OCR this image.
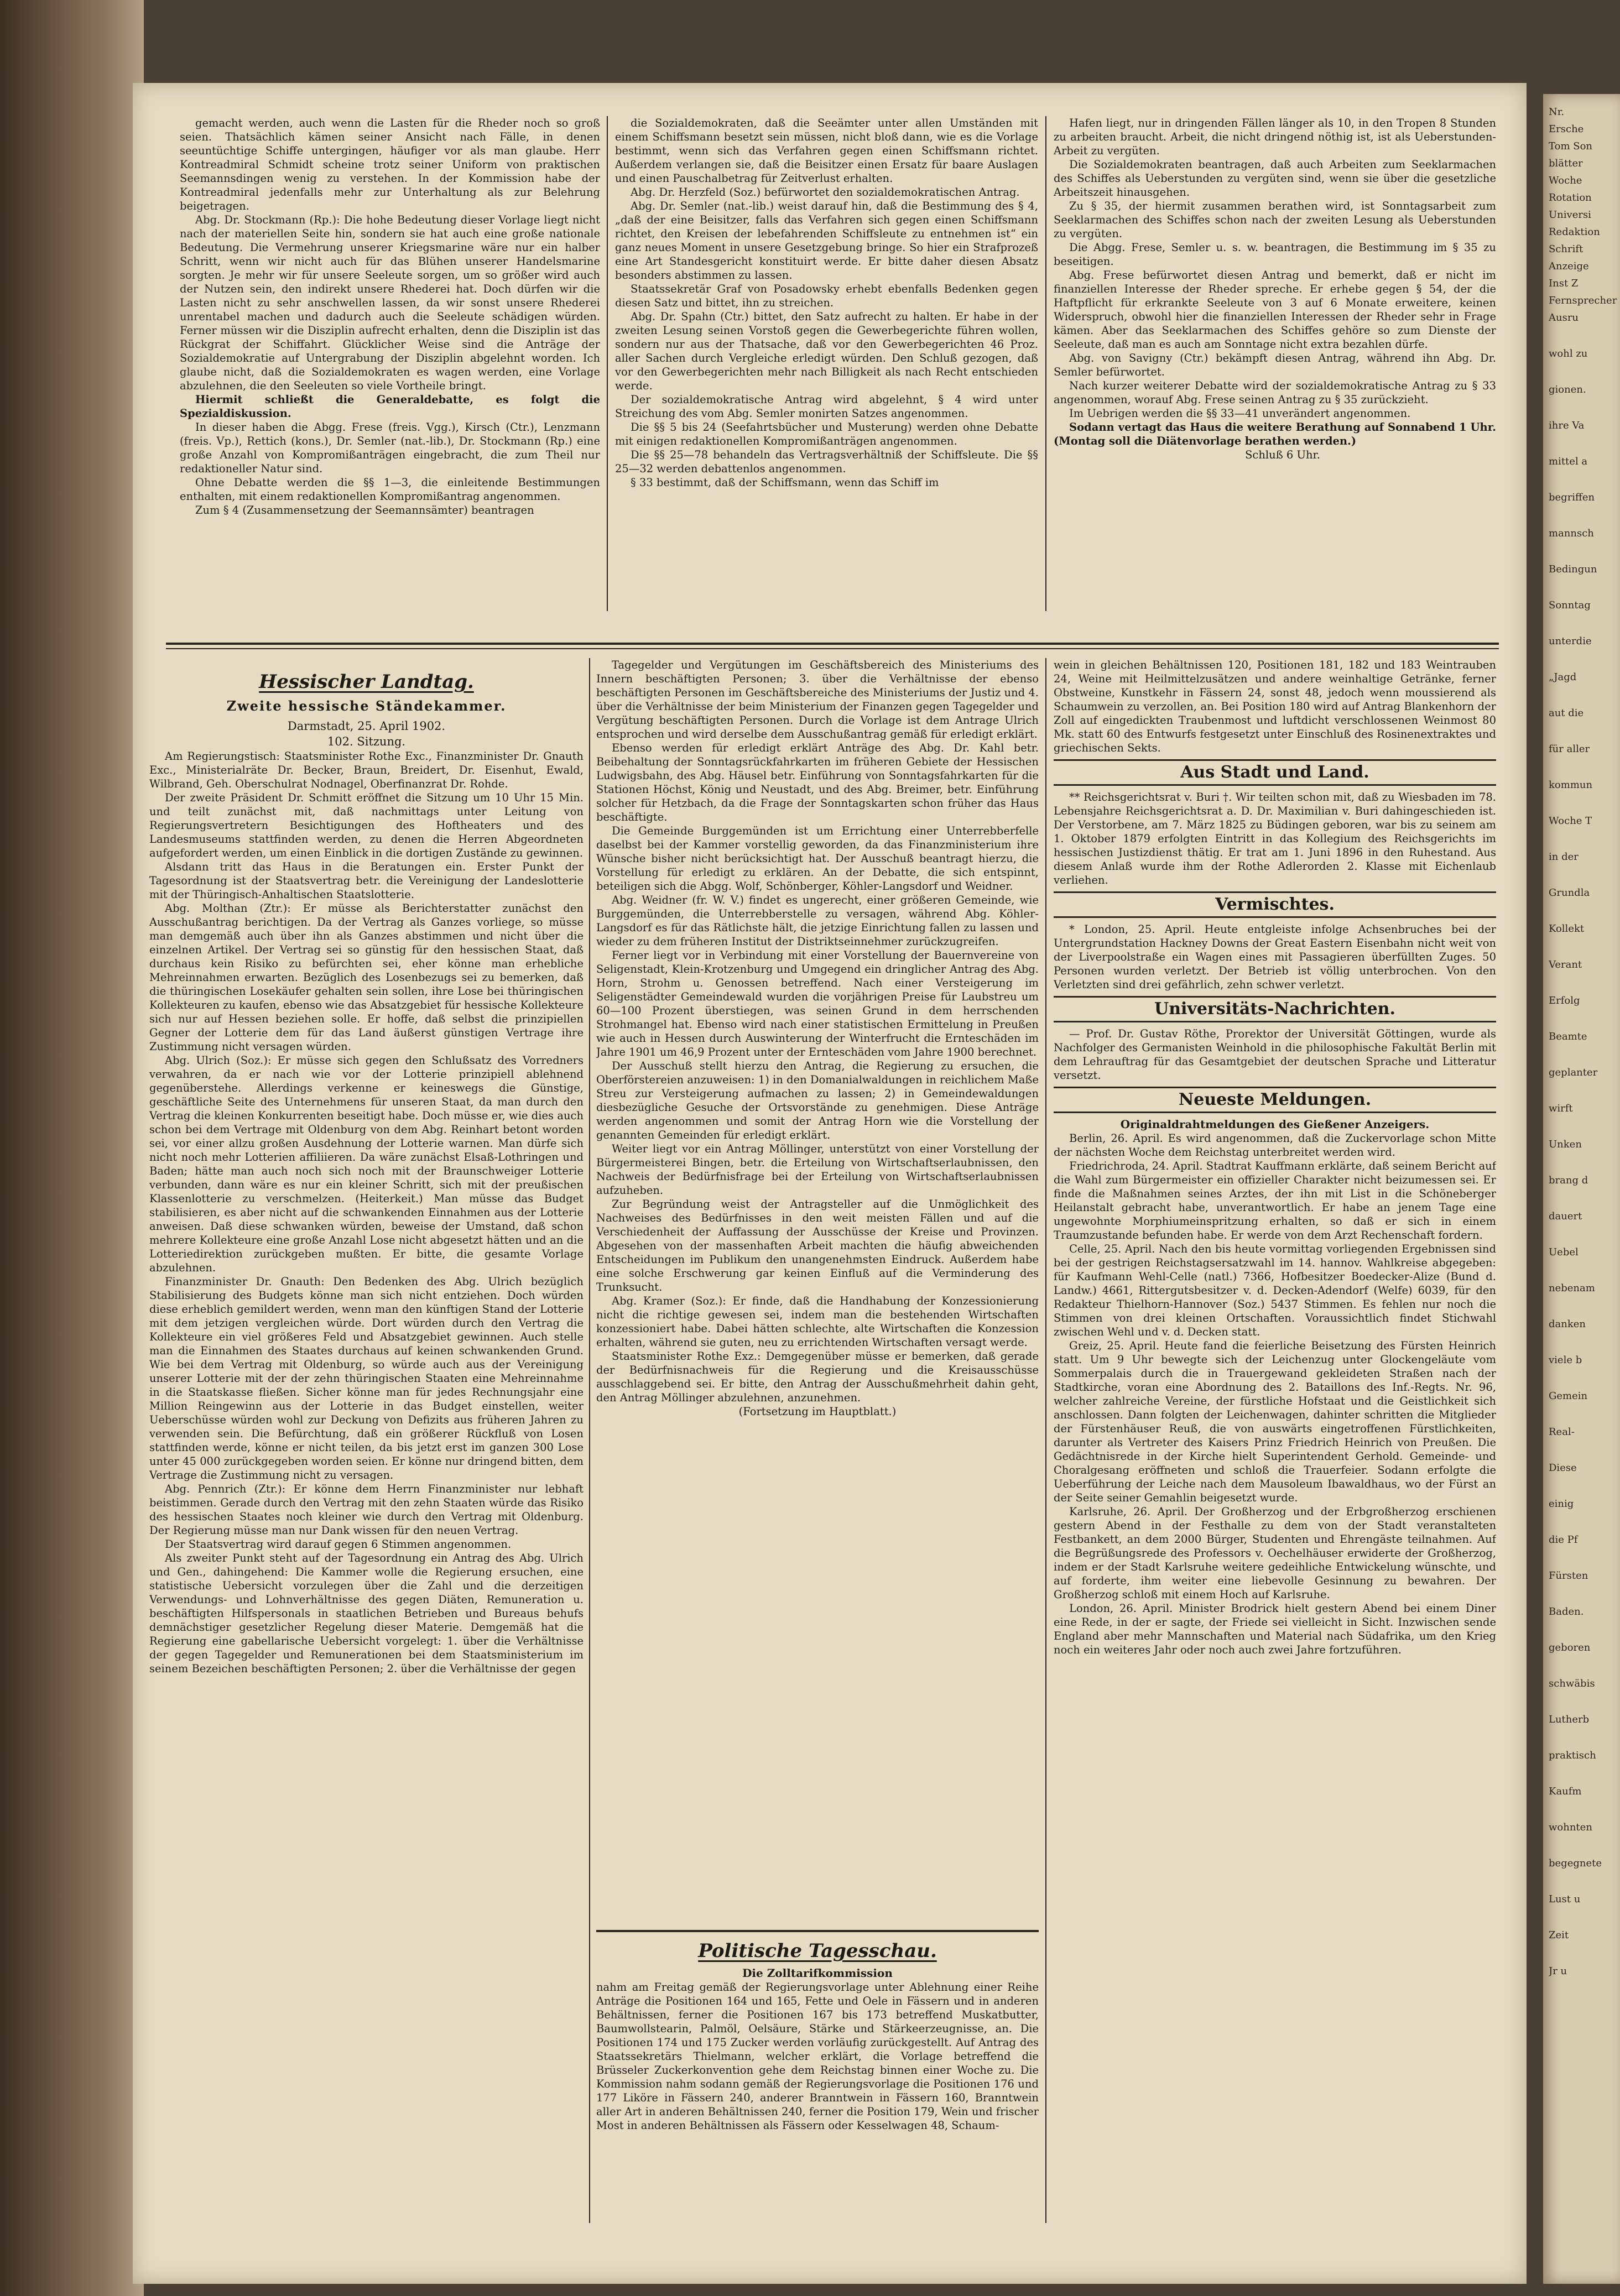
gemacht werden, auch wenn die Lasten für die Rheder noch so groß seien. Thatsächlich kämen seiner Ansicht nach Fälle, in denen seeuntüchtige Schiffe untergingen, häufiger vor als man glaube. Herr Kontreadmiral Schmidt scheine trotz seiner Uniform von praktischen Seemannsdingen wenig zu verstehen. In der Kommission habe der Kontreadmiral jedenfalls mehr zur Unterhaltung als zur Belehrung beigetragen.

Abg. Dr. Stockmann (Rp.): Die hohe Bedeutung dieser Vorlage liegt nicht nach der materiellen Seite hin, sondern sie hat auch eine große nationale Bedeutung. Die Vermehrung unserer Kriegsmarine wäre nur ein halber Schritt, wenn wir nicht auch für das Blühen unserer Handelsmarine sorgten. Je mehr wir für unsere Seeleute sorgen, um so größer wird auch der Nutzen sein, den indirekt unsere Rhederei hat. Doch dürfen wir die Lasten nicht zu sehr anschwellen lassen, da wir sonst unsere Rhederei unrentabel machen und dadurch auch die Seeleute schädigen würden. Ferner müssen wir die Disziplin aufrecht erhalten, denn die Disziplin ist das Rückgrat der Schiffahrt. Glücklicher Weise sind die Anträge der Sozialdemokratie auf Untergrabung der Disziplin abgelehnt worden. Ich glaube nicht, daß die Sozialdemokraten es wagen werden, eine Vorlage abzulehnen, die den Seeleuten so viele Vortheile bringt.

Hiermit schließt die Generaldebatte, es folgt die Spezialdiskussion.

In dieser haben die Abgg. Frese (freis. Vgg.), Kirsch (Ctr.), Lenzmann (freis. Vp.), Rettich (kons.), Dr. Semler (nat.-lib.), Dr. Stockmann (Rp.) eine große Anzahl von Kompromißanträgen eingebracht, die zum Theil nur redaktioneller Natur sind.

Ohne Debatte werden die §§ 1—3, die einleitende Bestimmungen enthalten, mit einem redaktionellen Kompromißantrag angenommen.

Zum § 4 (Zusammensetzung der Seemannsämter) beantragen

die Sozialdemokraten, daß die Seeämter unter allen Umständen mit einem Schiffsmann besetzt sein müssen, nicht bloß dann, wie es die Vorlage bestimmt, wenn sich das Verfahren gegen einen Schiffsmann richtet. Außerdem verlangen sie, daß die Beisitzer einen Ersatz für baare Auslagen und einen Pauschalbetrag für Zeitverlust erhalten.

Abg. Dr. Herzfeld (Soz.) befürwortet den sozialdemokratischen Antrag.

Abg. Dr. Semler (nat.-lib.) weist darauf hin, daß die Bestimmung des § 4, „daß der eine Beisitzer, falls das Verfahren sich gegen einen Schiffsmann richtet, den Kreisen der lebefahrenden Schiffsleute zu entnehmen ist“ ein ganz neues Moment in unsere Gesetzgebung bringe. So hier ein Strafprozeß eine Art Standesgericht konstituirt werde. Er bitte daher diesen Absatz besonders abstimmen zu lassen.

Staatssekretär Graf von Posadowsky erhebt ebenfalls Bedenken gegen diesen Satz und bittet, ihn zu streichen.

Abg. Dr. Spahn (Ctr.) bittet, den Satz aufrecht zu halten. Er habe in der zweiten Lesung seinen Vorstoß gegen die Gewerbegerichte führen wollen, sondern nur aus der Thatsache, daß vor den Gewerbegerichten 46 Proz. aller Sachen durch Vergleiche erledigt würden. Den Schluß gezogen, daß vor den Gewerbegerichten mehr nach Billigkeit als nach Recht entschieden werde.

Der sozialdemokratische Antrag wird abgelehnt, § 4 wird unter Streichung des vom Abg. Semler monirten Satzes angenommen.

Die §§ 5 bis 24 (Seefahrtsbücher und Musterung) werden ohne Debatte mit einigen redaktionellen Kompromißanträgen angenommen.

Die §§ 25—78 behandeln das Vertragsverhältniß der Schiffsleute. Die §§ 25—32 werden debattenlos angenommen.

§ 33 bestimmt, daß der Schiffsmann, wenn das Schiff im

Hafen liegt, nur in dringenden Fällen länger als 10, in den Tropen 8 Stunden zu arbeiten braucht. Arbeit, die nicht dringend nöthig ist, ist als Ueberstunden-Arbeit zu vergüten.

Die Sozialdemokraten beantragen, daß auch Arbeiten zum Seeklarmachen des Schiffes als Ueberstunden zu vergüten sind, wenn sie über die gesetzliche Arbeitszeit hinausgehen.

Zu § 35, der hiermit zusammen berathen wird, ist Sonntagsarbeit zum Seeklarmachen des Schiffes schon nach der zweiten Lesung als Ueberstunden zu vergüten.

Die Abgg. Frese, Semler u. s. w. beantragen, die Bestimmung im § 35 zu beseitigen.

Abg. Frese befürwortet diesen Antrag und bemerkt, daß er nicht im finanziellen Interesse der Rheder spreche. Er erhebe gegen § 54, der die Haftpflicht für erkrankte Seeleute von 3 auf 6 Monate erweitere, keinen Widerspruch, obwohl hier die finanziellen Interessen der Rheder sehr in Frage kämen. Aber das Seeklarmachen des Schiffes gehöre so zum Dienste der Seeleute, daß man es auch am Sonntage nicht extra bezahlen dürfe.

Abg. von Savigny (Ctr.) bekämpft diesen Antrag, während ihn Abg. Dr. Semler befürwortet.

Nach kurzer weiterer Debatte wird der sozialdemokratische Antrag zu § 33 angenommen, worauf Abg. Frese seinen Antrag zu § 35 zurückzieht.

Im Uebrigen werden die §§ 33—41 unverändert angenommen.

Sodann vertagt das Haus die weitere Berathung auf Sonnabend 1 Uhr. (Montag soll die Diätenvorlage berathen werden.)

Schluß 6 Uhr.

Hessischer Landtag.
Zweite hessische Ständekammer.
Darmstadt, 25. April 1902.
102. Sitzung.

Am Regierungstisch: Staatsminister Rothe Exc., Finanzminister Dr. Gnauth Exc., Ministerialräte Dr. Becker, Braun, Breidert, Dr. Eisenhut, Ewald, Wilbrand, Geh. Oberschulrat Nodnagel, Oberfinanzrat Dr. Rohde.

Der zweite Präsident Dr. Schmitt eröffnet die Sitzung um 10 Uhr 15 Min. und teilt zunächst mit, daß nachmittags unter Leitung von Regierungsvertretern Besichtigungen des Hoftheaters und des Landesmuseums stattfinden werden, zu denen die Herren Abgeordneten aufgefordert werden, um einen Einblick in die dortigen Zustände zu gewinnen.

Alsdann tritt das Haus in die Beratungen ein. Erster Punkt der Tagesordnung ist der Staatsvertrag betr. die Vereinigung der Landeslotterie mit der Thüringisch-Anhaltischen Staatslotterie.

Abg. Molthan (Ztr.): Er müsse als Berichterstatter zunächst den Ausschußantrag berichtigen. Da der Vertrag als Ganzes vorliege, so müsse man demgemäß auch über ihn als Ganzes abstimmen und nicht über die einzelnen Artikel. Der Vertrag sei so günstig für den hessischen Staat, daß durchaus kein Risiko zu befürchten sei, eher könne man erhebliche Mehreinnahmen erwarten. Bezüglich des Losenbezugs sei zu bemerken, daß die thüringischen Losekäufer gehalten sein sollen, ihre Lose bei thüringischen Kollekteuren zu kaufen, ebenso wie das Absatzgebiet für hessische Kollekteure sich nur auf Hessen beziehen solle. Er hoffe, daß selbst die prinzipiellen Gegner der Lotterie dem für das Land äußerst günstigen Vertrage ihre Zustimmung nicht versagen würden.

Abg. Ulrich (Soz.): Er müsse sich gegen den Schlußsatz des Vorredners verwahren, da er nach wie vor der Lotterie prinzipiell ablehnend gegenüberstehe. Allerdings verkenne er keineswegs die Günstige, geschäftliche Seite des Unternehmens für unseren Staat, da man durch den Vertrag die kleinen Konkurrenten beseitigt habe. Doch müsse er, wie dies auch schon bei dem Vertrage mit Oldenburg von dem Abg. Reinhart betont worden sei, vor einer allzu großen Ausdehnung der Lotterie warnen. Man dürfe sich nicht noch mehr Lotterien affiliieren. Da wäre zunächst Elsaß-Lothringen und Baden; hätte man auch noch sich noch mit der Braunschweiger Lotterie verbunden, dann wäre es nur ein kleiner Schritt, sich mit der preußischen Klassenlotterie zu verschmelzen. (Heiterkeit.) Man müsse das Budget stabilisieren, es aber nicht auf die schwankenden Einnahmen aus der Lotterie anweisen. Daß diese schwanken würden, beweise der Umstand, daß schon mehrere Kollekteure eine große Anzahl Lose nicht abgesetzt hätten und an die Lotteriedirektion zurückgeben mußten. Er bitte, die gesamte Vorlage abzulehnen.

Finanzminister Dr. Gnauth: Den Bedenken des Abg. Ulrich bezüglich Stabilisierung des Budgets könne man sich nicht entziehen. Doch würden diese erheblich gemildert werden, wenn man den künftigen Stand der Lotterie mit dem jetzigen vergleichen würde. Dort würden durch den Vertrag die Kollekteure ein viel größeres Feld und Absatzgebiet gewinnen. Auch stelle man die Einnahmen des Staates durchaus auf keinen schwankenden Grund. Wie bei dem Vertrag mit Oldenburg, so würde auch aus der Vereinigung unserer Lotterie mit der der zehn thüringischen Staaten eine Mehreinnahme in die Staatskasse fließen. Sicher könne man für jedes Rechnungsjahr eine Million Reingewinn aus der Lotterie in das Budget einstellen, weiter Ueberschüsse würden wohl zur Deckung von Defizits aus früheren Jahren zu verwenden sein. Die Befürchtung, daß ein größerer Rückfluß von Losen stattfinden werde, könne er nicht teilen, da bis jetzt erst im ganzen 300 Lose unter 45 000 zurückgegeben worden seien. Er könne nur dringend bitten, dem Vertrage die Zustimmung nicht zu versagen.

Abg. Pennrich (Ztr.): Er könne dem Herrn Finanzminister nur lebhaft beistimmen. Gerade durch den Vertrag mit den zehn Staaten würde das Risiko des hessischen Staates noch kleiner wie durch den Vertrag mit Oldenburg. Der Regierung müsse man nur Dank wissen für den neuen Vertrag.

Der Staatsvertrag wird darauf gegen 6 Stimmen angenommen.

Als zweiter Punkt steht auf der Tagesordnung ein Antrag des Abg. Ulrich und Gen., dahingehend: Die Kammer wolle die Regierung ersuchen, eine statistische Uebersicht vorzulegen über die Zahl und die derzeitigen Verwendungs- und Lohnverhältnisse des gegen Diäten, Remuneration u. beschäftigten Hilfspersonals in staatlichen Betrieben und Bureaus behufs demnächstiger gesetzlicher Regelung dieser Materie. Demgemäß hat die Regierung eine gabellarische Uebersicht vorgelegt: 1. über die Verhältnisse der gegen Tagegelder und Remunerationen bei dem Staatsministerium im seinem Bezeichen beschäftigten Personen; 2. über die Verhältnisse der gegen

Tagegelder und Vergütungen im Geschäftsbereich des Ministeriums des Innern beschäftigten Personen; 3. über die Verhältnisse der ebenso beschäftigten Personen im Geschäftsbereiche des Ministeriums der Justiz und 4. über die Verhältnisse der beim Ministerium der Finanzen gegen Tagegelder und Vergütung beschäftigten Personen. Durch die Vorlage ist dem Antrage Ulrich entsprochen und wird derselbe dem Ausschußantrag gemäß für erledigt erklärt.

Ebenso werden für erledigt erklärt Anträge des Abg. Dr. Kahl betr. Beibehaltung der Sonntagsrückfahrkarten im früheren Gebiete der Hessischen Ludwigsbahn, des Abg. Häusel betr. Einführung von Sonntagsfahrkarten für die Stationen Höchst, König und Neustadt, und des Abg. Breimer, betr. Einführung solcher für Hetzbach, da die Frage der Sonntagskarten schon früher das Haus beschäftigte.

Die Gemeinde Burggemünden ist um Errichtung einer Unterrebberfelle daselbst bei der Kammer vorstellig geworden, da das Finanzministerium ihre Wünsche bisher nicht berücksichtigt hat. Der Ausschuß beantragt hierzu, die Vorstellung für erledigt zu erklären. An der Debatte, die sich entspinnt, beteiligen sich die Abgg. Wolf, Schönberger, Köhler-Langsdorf und Weidner.

Abg. Weidner (fr. W. V.) findet es ungerecht, einer größeren Gemeinde, wie Burggemünden, die Unterrebberstelle zu versagen, während Abg. Köhler-Langsdorf es für das Rätlichste hält, die jetzige Einrichtung fallen zu lassen und wieder zu dem früheren Institut der Distriktseinnehmer zurückzugreifen.

Ferner liegt vor in Verbindung mit einer Vorstellung der Bauernvereine von Seligenstadt, Klein-Krotzenburg und Umgegend ein dringlicher Antrag des Abg. Horn, Strohm u. Genossen betreffend. Nach einer Versteigerung im Seligenstädter Gemeindewald wurden die vorjährigen Preise für Laubstreu um 60—100 Prozent überstiegen, was seinen Grund in dem herrschenden Strohmangel hat. Ebenso wird nach einer statistischen Ermittelung in Preußen wie auch in Hessen durch Auswinterung der Winterfrucht die Ernteschäden im Jahre 1901 um 46,9 Prozent unter der Ernteschäden vom Jahre 1900 berechnet.

Der Ausschuß stellt hierzu den Antrag, die Regierung zu ersuchen, die Oberförstereien anzuweisen: 1) in den Domanialwaldungen in reichlichem Maße Streu zur Versteigerung aufmachen zu lassen; 2) in Gemeindewaldungen diesbezügliche Gesuche der Ortsvorstände zu genehmigen. Diese Anträge werden angenommen und somit der Antrag Horn wie die Vorstellung der genannten Gemeinden für erledigt erklärt.

Weiter liegt vor ein Antrag Möllinger, unterstützt von einer Vorstellung der Bürgermeisterei Bingen, betr. die Erteilung von Wirtschaftserlaubnissen, den Nachweis der Bedürfnisfrage bei der Erteilung von Wirtschaftserlaubnissen aufzuheben.

Zur Begründung weist der Antragsteller auf die Unmöglichkeit des Nachweises des Bedürfnisses in den weit meisten Fällen und auf die Verschiedenheit der Auffassung der Ausschüsse der Kreise und Provinzen. Abgesehen von der massenhaften Arbeit machten die häufig abweichenden Entscheidungen im Publikum den unangenehmsten Eindruck. Außerdem habe eine solche Erschwerung gar keinen Einfluß auf die Verminderung des Trunksucht.

Abg. Kramer (Soz.): Er finde, daß die Handhabung der Konzessionierung nicht die richtige gewesen sei, indem man die bestehenden Wirtschaften konzessioniert habe. Dabei hätten schlechte, alte Wirtschaften die Konzession erhalten, während sie guten, neu zu errichtenden Wirtschaften versagt werde.

Staatsminister Rothe Exz.: Demgegenüber müsse er bemerken, daß gerade der Bedürfnisnachweis für die Regierung und die Kreisausschüsse ausschlaggebend sei. Er bitte, den Antrag der Ausschußmehrheit dahin geht, den Antrag Möllinger abzulehnen, anzunehmen.

(Fortsetzung im Hauptblatt.)

Politische Tagesschau.
Die Zolltarifkommission

nahm am Freitag gemäß der Regierungsvorlage unter Ablehnung einer Reihe Anträge die Positionen 164 und 165, Fette und Oele in Fässern und in anderen Behältnissen, ferner die Positionen 167 bis 173 betreffend Muskatbutter, Baumwollstearin, Palmöl, Oelsäure, Stärke und Stärkeerzeugnisse, an. Die Positionen 174 und 175 Zucker werden vorläufig zurückgestellt. Auf Antrag des Staatssekretärs Thielmann, welcher erklärt, die Vorlage betreffend die Brüsseler Zuckerkonvention gehe dem Reichstag binnen einer Woche zu. Die Kommission nahm sodann gemäß der Regierungsvorlage die Positionen 176 und 177 Liköre in Fässern 240, anderer Branntwein in Fässern 160, Branntwein aller Art in anderen Behältnissen 240, ferner die Position 179, Wein und frischer Most in anderen Behältnissen als Fässern oder Kesselwagen 48, Schaum-

wein in gleichen Behältnissen 120, Positionen 181, 182 und 183 Weintrauben 24, Weine mit Heilmittelzusätzen und andere weinhaltige Getränke, ferner Obstweine, Kunstkehr in Fässern 24, sonst 48, jedoch wenn moussierend als Schaumwein zu verzollen, an. Bei Position 180 wird auf Antrag Blankenhorn der Zoll auf eingedickten Traubenmost und luftdicht verschlossenen Weinmost 80 Mk. statt 60 des Entwurfs festgesetzt unter Einschluß des Rosinenextraktes und griechischen Sekts.

Aus Stadt und Land.

** Reichsgerichtsrat v. Buri †. Wir teilten schon mit, daß zu Wiesbaden im 78. Lebensjahre Reichsgerichtsrat a. D. Dr. Maximilian v. Buri dahingeschieden ist. Der Verstorbene, am 7. März 1825 zu Büdingen geboren, war bis zu seinem am 1. Oktober 1879 erfolgten Eintritt in das Kollegium des Reichsgerichts im hessischen Justizdienst thätig. Er trat am 1. Juni 1896 in den Ruhestand. Aus diesem Anlaß wurde ihm der Rothe Adlerorden 2. Klasse mit Eichenlaub verliehen.

Vermischtes.

* London, 25. April. Heute entgleiste infolge Achsenbruches bei der Untergrundstation Hackney Downs der Great Eastern Eisenbahn nicht weit von der Liverpoolstraße ein Wagen eines mit Passagieren überfüllten Zuges. 50 Personen wurden verletzt. Der Betrieb ist völlig unterbrochen. Von den Verletzten sind drei gefährlich, zehn schwer verletzt.

Universitäts-Nachrichten.

— Prof. Dr. Gustav Röthe, Prorektor der Universität Göttingen, wurde als Nachfolger des Germanisten Weinhold in die philosophische Fakultät Berlin mit dem Lehrauftrag für das Gesamtgebiet der deutschen Sprache und Litteratur versetzt.

Neueste Meldungen.
Originaldrahtmeldungen des Gießener Anzeigers.

Berlin, 26. April. Es wird angenommen, daß die Zuckervorlage schon Mitte der nächsten Woche dem Reichstag unterbreitet werden wird.

Friedrichroda, 24. April. Stadtrat Kauffmann erklärte, daß seinem Bericht auf die Wahl zum Bürgermeister ein offizieller Charakter nicht beizumessen sei. Er finde die Maßnahmen seines Arztes, der ihn mit List in die Schöneberger Heilanstalt gebracht habe, unverantwortlich. Er habe an jenem Tage eine ungewohnte Morphiumeinspritzung erhalten, so daß er sich in einem Traumzustande befunden habe. Er werde von dem Arzt Rechenschaft fordern.

Celle, 25. April. Nach den bis heute vormittag vorliegenden Ergebnissen sind bei der gestrigen Reichstagsersatzwahl im 14. hannov. Wahlkreise abgegeben: für Kaufmann Wehl-Celle (natl.) 7366, Hofbesitzer Boedecker-Alize (Bund d. Landw.) 4661, Rittergutsbesitzer v. d. Decken-Adendorf (Welfe) 6039, für den Redakteur Thielhorn-Hannover (Soz.) 5437 Stimmen. Es fehlen nur noch die Stimmen von drei kleinen Ortschaften. Voraussichtlich findet Stichwahl zwischen Wehl und v. d. Decken statt.

Greiz, 25. April. Heute fand die feierliche Beisetzung des Fürsten Heinrich statt. Um 9 Uhr bewegte sich der Leichenzug unter Glockengeläute vom Sommerpalais durch die in Trauergewand gekleideten Straßen nach der Stadtkirche, voran eine Abordnung des 2. Bataillons des Inf.-Regts. Nr. 96, welcher zahlreiche Vereine, der fürstliche Hofstaat und die Geistlichkeit sich anschlossen. Dann folgten der Leichenwagen, dahinter schritten die Mitglieder der Fürstenhäuser Reuß, die von auswärts eingetroffenen Fürstlichkeiten, darunter als Vertreter des Kaisers Prinz Friedrich Heinrich von Preußen. Die Gedächtnisrede in der Kirche hielt Superintendent Gerhold. Gemeinde- und Choralgesang eröffneten und schloß die Trauerfeier. Sodann erfolgte die Ueberführung der Leiche nach dem Mausoleum Ibawaldhaus, wo der Fürst an der Seite seiner Gemahlin beigesetzt wurde.

Karlsruhe, 26. April. Der Großherzog und der Erbgroßherzog erschienen gestern Abend in der Festhalle zu dem von der Stadt veranstalteten Festbankett, an dem 2000 Bürger, Studenten und Ehrengäste teilnahmen. Auf die Begrüßungsrede des Professors v. Oechelhäuser erwiderte der Großherzog, indem er der Stadt Karlsruhe weitere gedeihliche Entwickelung wünschte, und auf forderte, ihm weiter eine liebevolle Gesinnung zu bewahren. Der Großherzog schloß mit einem Hoch auf Karlsruhe.

London, 26. April. Minister Brodrick hielt gestern Abend bei einem Diner eine Rede, in der er sagte, der Friede sei vielleicht in Sicht. Inzwischen sende England aber mehr Mannschaften und Material nach Südafrika, um den Krieg noch ein weiteres Jahr oder noch auch zwei Jahre fortzuführen.

Nr.
Ersche
Tom Son
blätter
Woche
Rotation
Universi
Redaktion
Schrift
Anzeige
Inst Z
Fernsprecher
Ausru
wohl zu
gionen.
ihre Va
mittel a
begriffen
mannsch
Bedingun
Sonntag
unterdie
„Jagd
aut die
für aller
kommun
Woche T
in der
Grundla
Kollekt
Verant
Erfolg
Beamte
geplanter
wirft
Unken
brang d
dauert
Uebel
nebenam
danken
viele b
Gemein
Real-
Diese
einig
die Pf
Fürsten
Baden.
geboren
schwäbis
Lutherb
praktisch
Kaufm
wohnten
begegnete
Lust u
Zeit
Jr u
